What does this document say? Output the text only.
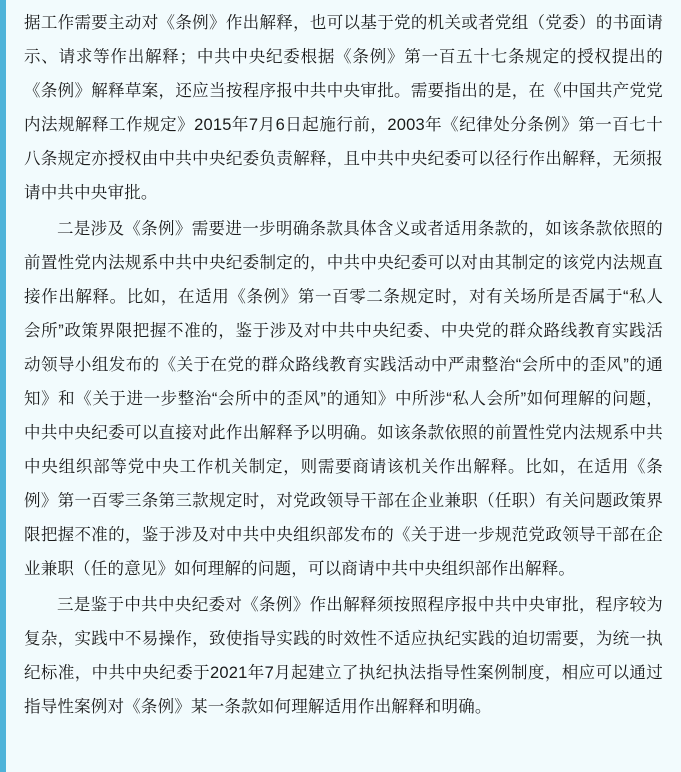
据工作需要主动对《条例》作出解释，也可以基于党的机关或者党组（党委）的书面请示、请求等作出解释；中共中央纪委根据《条例》第一百五十七条规定的授权提出的《条例》解释草案，还应当按程序报中共中央审批。需要指出的是，在《中国共产党党内法规解释工作规定》2015年7月6日起施行前，2003年《纪律处分条例》第一百七十八条规定亦授权由中共中央纪委负责解释，且中共中央纪委可以径行作出解释，无须报请中共中央审批。

二是涉及《条例》需要进一步明确条款具体含义或者适用条款的，如该条款依照的前置性党内法规系中共中央纪委制定的，中共中央纪委可以对由其制定的该党内法规直接作出解释。比如，在适用《条例》第一百零二条规定时，对有关场所是否属于“私人会所”政策界限把握不准的，鉴于涉及对中共中央纪委、中央党的群众路线教育实践活动领导小组发布的《关于在党的群众路线教育实践活动中严肃整治“会所中的歪风”的通知》和《关于进一步整治“会所中的歪风”的通知》中所涉“私人会所”如何理解的问题，中共中央纪委可以直接对此作出解释予以明确。如该条款依照的前置性党内法规系中共中央组织部等党中央工作机关制定，则需要商请该机关作出解释。比如，在适用《条例》第一百零三条第三款规定时，对党政领导干部在企业兼职（任职）有关问题政策界限把握不准的，鉴于涉及对中共中央组织部发布的《关于进一步规范党政领导干部在企业兼职（任的意见》如何理解的问题，可以商请中共中央组织部作出解释。

三是鉴于中共中央纪委对《条例》作出解释须按照程序报中共中央审批，程序较为复杂，实践中不易操作，致使指导实践的时效性不适应执纪实践的迫切需要，为统一执纪标准，中共中央纪委于2021年7月起建立了执纪执法指导性案例制度，相应可以通过指导性案例对《条例》某一条款如何理解适用作出解释和明确。
